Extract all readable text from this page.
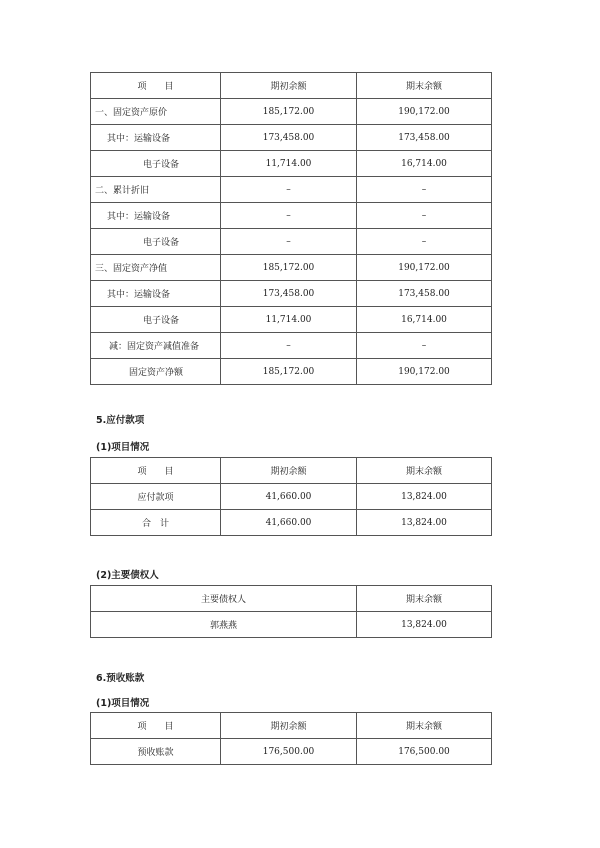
项　　目	期初余额	期末余额
一、固定资产原价	185,172.00	190,172.00
其中：运输设备	173,458.00	173,458.00
电子设备	11,714.00	16,714.00
二、累计折旧	–	–
其中：运输设备	–	–
电子设备	–	–
三、固定资产净值	185,172.00	190,172.00
其中：运输设备	173,458.00	173,458.00
电子设备	11,714.00	16,714.00
减：固定资产减值准备	–	–
固定资产净额	185,172.00	190,172.00

5.应付款项

(1)项目情况

项　　目	期初余额	期末余额
应付款项	41,660.00	13,824.00
合　计	41,660.00	13,824.00

(2)主要债权人

主要债权人	期末余额
郭燕燕	13,824.00

6.预收账款

(1)项目情况

项　　目	期初余额	期末余额
预收账款	176,500.00	176,500.00
